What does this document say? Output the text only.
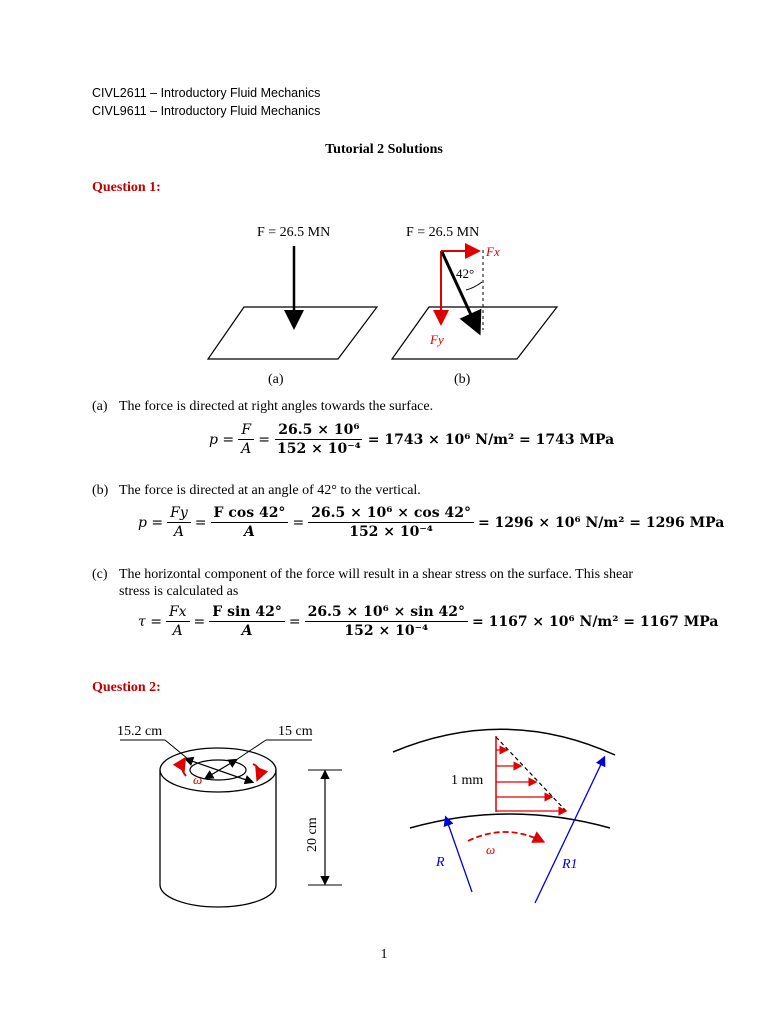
CIVL2611 – Introductory Fluid Mechanics
CIVL9611 – Introductory Fluid Mechanics
Tutorial 2 Solutions
Question 1:
F = 26.5 MN
(a)
F = 26.5 MN
42°
Fx
Fy
(b)
(a) The force is directed at right angles towards the surface.
$p = \frac{F}{A} = \frac{\text{26.5 × 10⁶}}{\text{152 × 10⁻⁴}} = 1743 \times 10^6$ N/m² = 1743 MPa
(b) The force is directed at an angle of 42° to the vertical.
$p = \frac{Fy}{A} = \frac{\text{F cos 42°}}{A} = \frac{\text{26.5 × 10⁶ × cos 42°}}{\text{152 × 10⁻⁴}} = 1296 \times 10^6$ N/m² = 1296 MPa
(c) The horizontal component of the force will result in a shear stress on the surface. This shear
stress is calculated as
$\tau = \frac{Fx}{A} = \frac{\text{F sin 42°}}{A} = \frac{\text{26.5 × 10⁶ × sin 42°}}{\text{152 × 10⁻⁴}} = 1167 \times 10^6$ N/m² = 1167 MPa
Question 2:
15.2 cm	15 cm
ω
20 cm
1 mm
ω
R	R1
1
